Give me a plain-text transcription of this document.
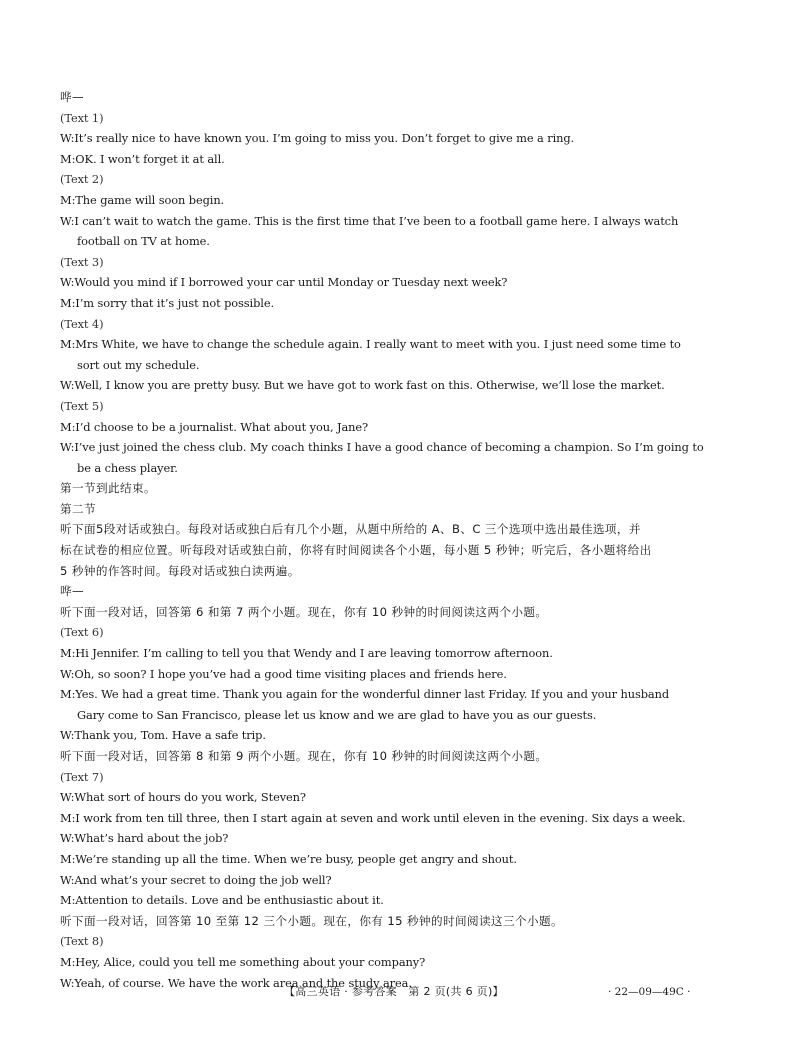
哗—
(Text 1)
W:It’s really nice to have known you. I’m going to miss you. Don’t forget to give me a ring.
M:OK. I won’t forget it at all.
(Text 2)
M:The game will soon begin.
W:I can’t wait to watch the game. This is the first time that I’ve been to a football game here. I always watch
football on TV at home.
(Text 3)
W:Would you mind if I borrowed your car until Monday or Tuesday next week?
M:I’m sorry that it’s just not possible.
(Text 4)
M:Mrs White, we have to change the schedule again. I really want to meet with you. I just need some time to
sort out my schedule.
W:Well, I know you are pretty busy. But we have got to work fast on this. Otherwise, we’ll lose the market.
(Text 5)
M:I’d choose to be a journalist. What about you, Jane?
W:I’ve just joined the chess club. My coach thinks I have a good chance of becoming a champion. So I’m going to
be a chess player.
第一节到此结束。
第二节
听下面5段对话或独白。每段对话或独白后有几个小题，从题中所给的 A、B、C 三个选项中选出最佳选项，并
标在试卷的相应位置。听每段对话或独白前，你将有时间阅读各个小题，每小题 5 秒钟；听完后，各小题将给出
5 秒钟的作答时间。每段对话或独白读两遍。
哗—
听下面一段对话，回答第 6 和第 7 两个小题。现在，你有 10 秒钟的时间阅读这两个小题。
(Text 6)
M:Hi Jennifer. I’m calling to tell you that Wendy and I are leaving tomorrow afternoon.
W:Oh, so soon? I hope you’ve had a good time visiting places and friends here.
M:Yes. We had a great time. Thank you again for the wonderful dinner last Friday. If you and your husband
Gary come to San Francisco, please let us know and we are glad to have you as our guests.
W:Thank you, Tom. Have a safe trip.
听下面一段对话，回答第 8 和第 9 两个小题。现在，你有 10 秒钟的时间阅读这两个小题。
(Text 7)
W:What sort of hours do you work, Steven?
M:I work from ten till three, then I start again at seven and work until eleven in the evening. Six days a week.
W:What’s hard about the job?
M:We’re standing up all the time. When we’re busy, people get angry and shout.
W:And what’s your secret to doing the job well?
M:Attention to details. Love and be enthusiastic about it.
听下面一段对话，回答第 10 至第 12 三个小题。现在，你有 15 秒钟的时间阅读这三个小题。
(Text 8)
M:Hey, Alice, could you tell me something about your company?
W:Yeah, of course. We have the work area and the study area.
【高三英语 · 参考答案　第 2 页(共 6 页)】	· 22—09—49C ·
